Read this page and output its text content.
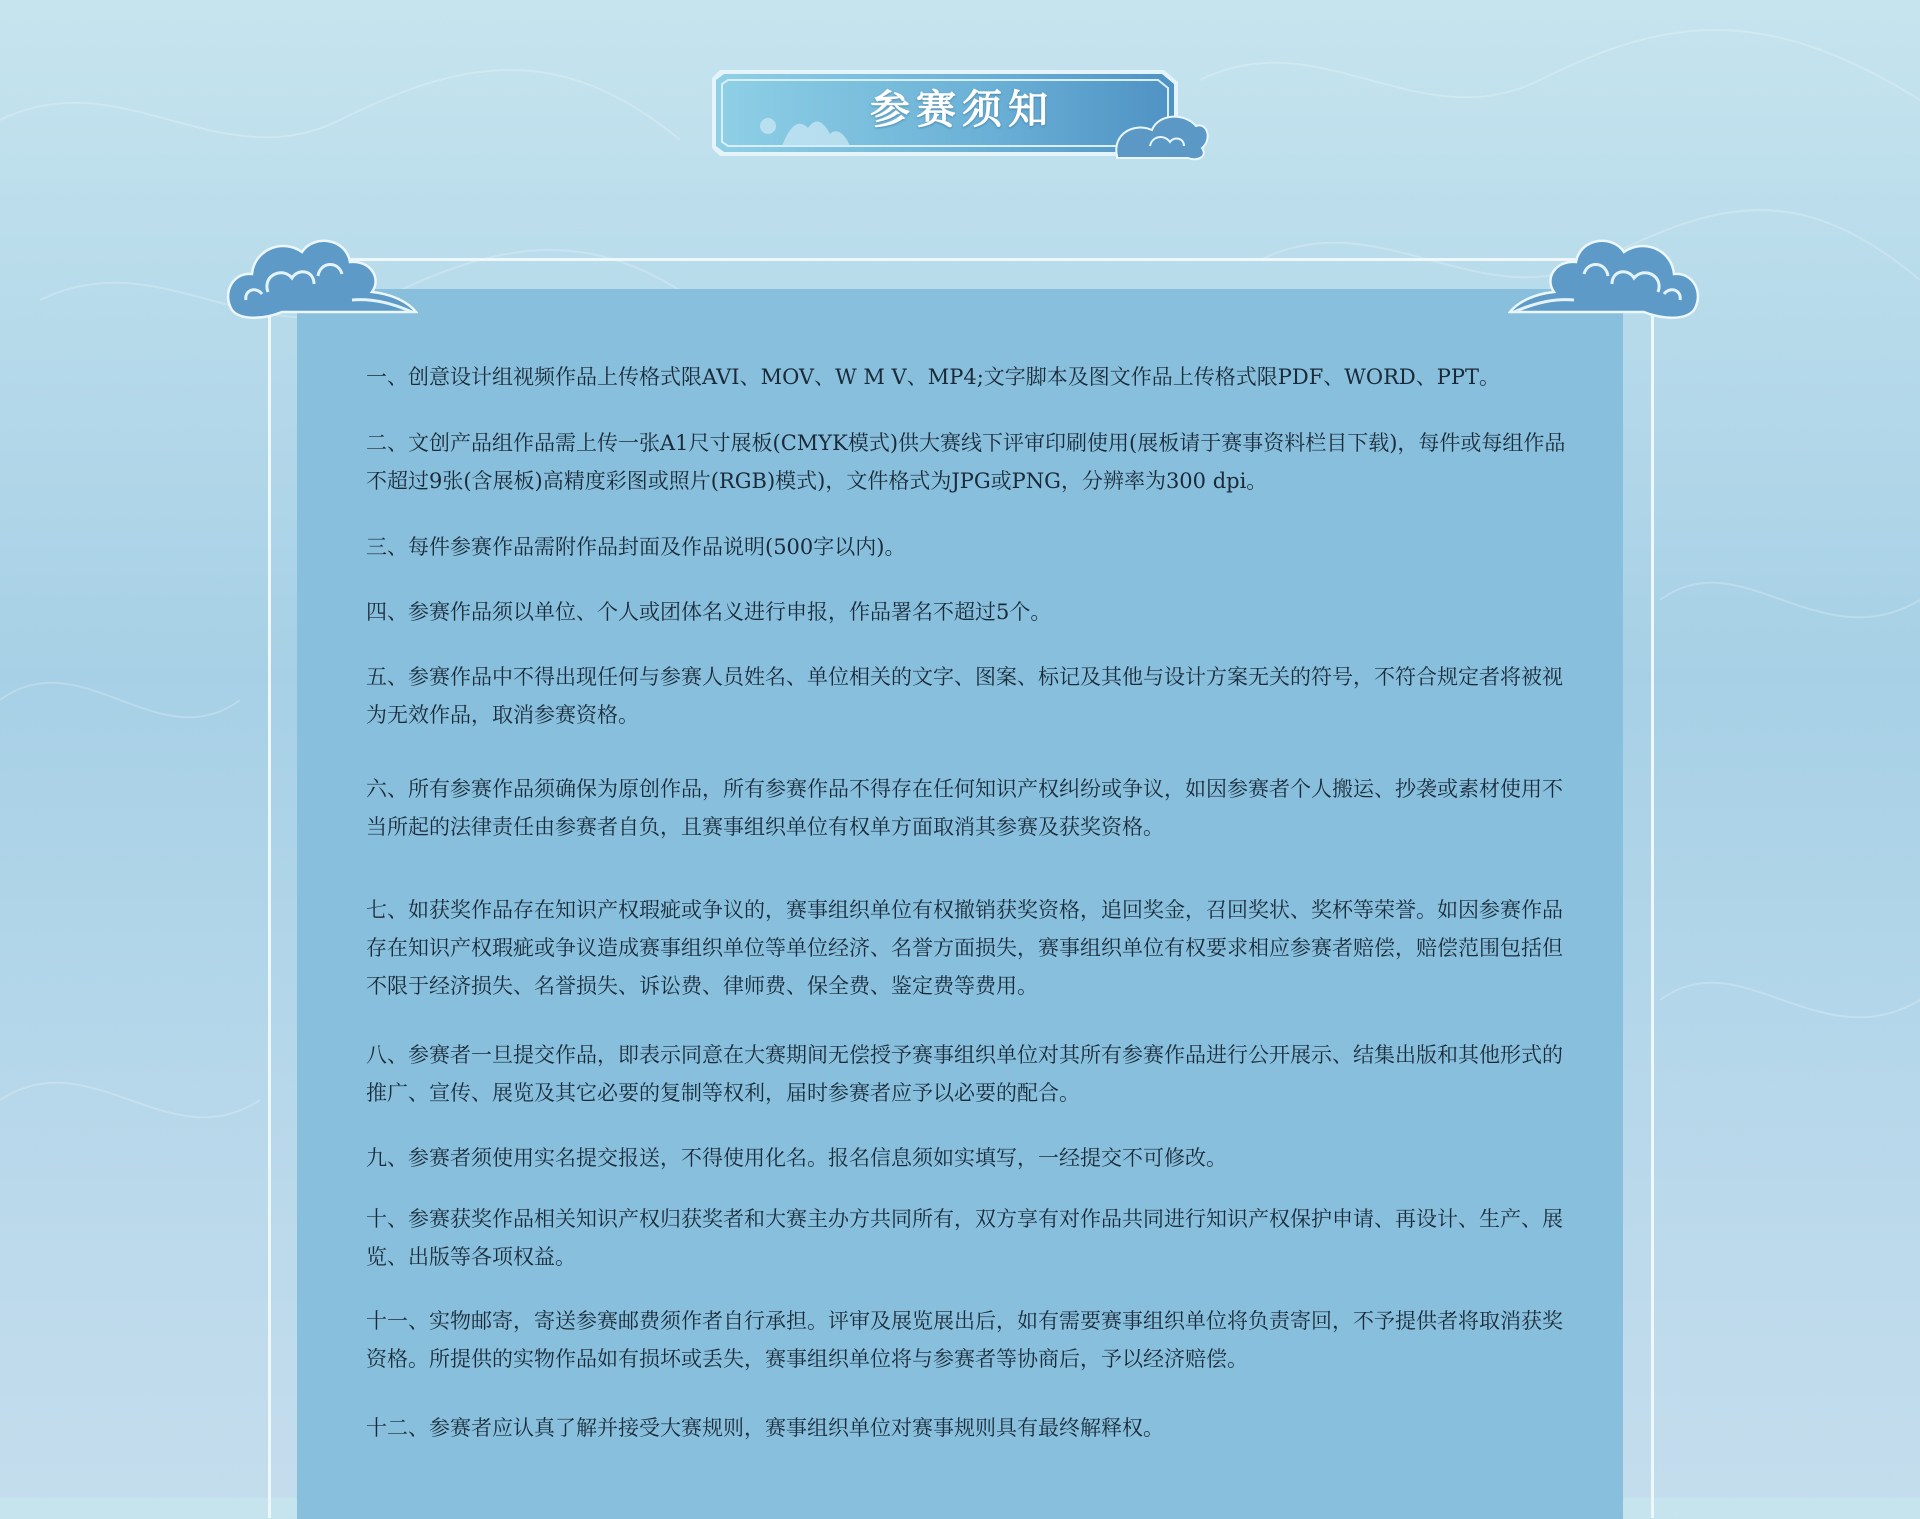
参赛须知

一、创意设计组视频作品上传格式限AVI、MOV、W M V、MP4;文字脚本及图文作品上传格式限PDF、WORD、PPT。

二、文创产品组作品需上传一张A1尺寸展板(CMYK模式)供大赛线下评审印刷使用(展板请于赛事资料栏目下载)，每件或每组作品不超过9张(含展板)高精度彩图或照片(RGB)模式)，文件格式为JPG或PNG，分辨率为300 dpi。

三、每件参赛作品需附作品封面及作品说明(500字以内)。

四、参赛作品须以单位、个人或团体名义进行申报，作品署名不超过5个。

五、参赛作品中不得出现任何与参赛人员姓名、单位相关的文字、图案、标记及其他与设计方案无关的符号，不符合规定者将被视为无效作品，取消参赛资格。

六、所有参赛作品须确保为原创作品，所有参赛作品不得存在任何知识产权纠纷或争议，如因参赛者个人搬运、抄袭或素材使用不当所起的法律责任由参赛者自负，且赛事组织单位有权单方面取消其参赛及获奖资格。

七、如获奖作品存在知识产权瑕疵或争议的，赛事组织单位有权撤销获奖资格，追回奖金，召回奖状、奖杯等荣誉。如因参赛作品存在知识产权瑕疵或争议造成赛事组织单位等单位经济、名誉方面损失，赛事组织单位有权要求相应参赛者赔偿，赔偿范围包括但不限于经济损失、名誉损失、诉讼费、律师费、保全费、鉴定费等费用。

八、参赛者一旦提交作品，即表示同意在大赛期间无偿授予赛事组织单位对其所有参赛作品进行公开展示、结集出版和其他形式的推广、宣传、展览及其它必要的复制等权利，届时参赛者应予以必要的配合。

九、参赛者须使用实名提交报送，不得使用化名。报名信息须如实填写，一经提交不可修改。

十、参赛获奖作品相关知识产权归获奖者和大赛主办方共同所有，双方享有对作品共同进行知识产权保护申请、再设计、生产、展览、出版等各项权益。

十一、实物邮寄，寄送参赛邮费须作者自行承担。评审及展览展出后，如有需要赛事组织单位将负责寄回，不予提供者将取消获奖资格。所提供的实物作品如有损坏或丢失，赛事组织单位将与参赛者等协商后，予以经济赔偿。

十二、参赛者应认真了解并接受大赛规则，赛事组织单位对赛事规则具有最终解释权。
